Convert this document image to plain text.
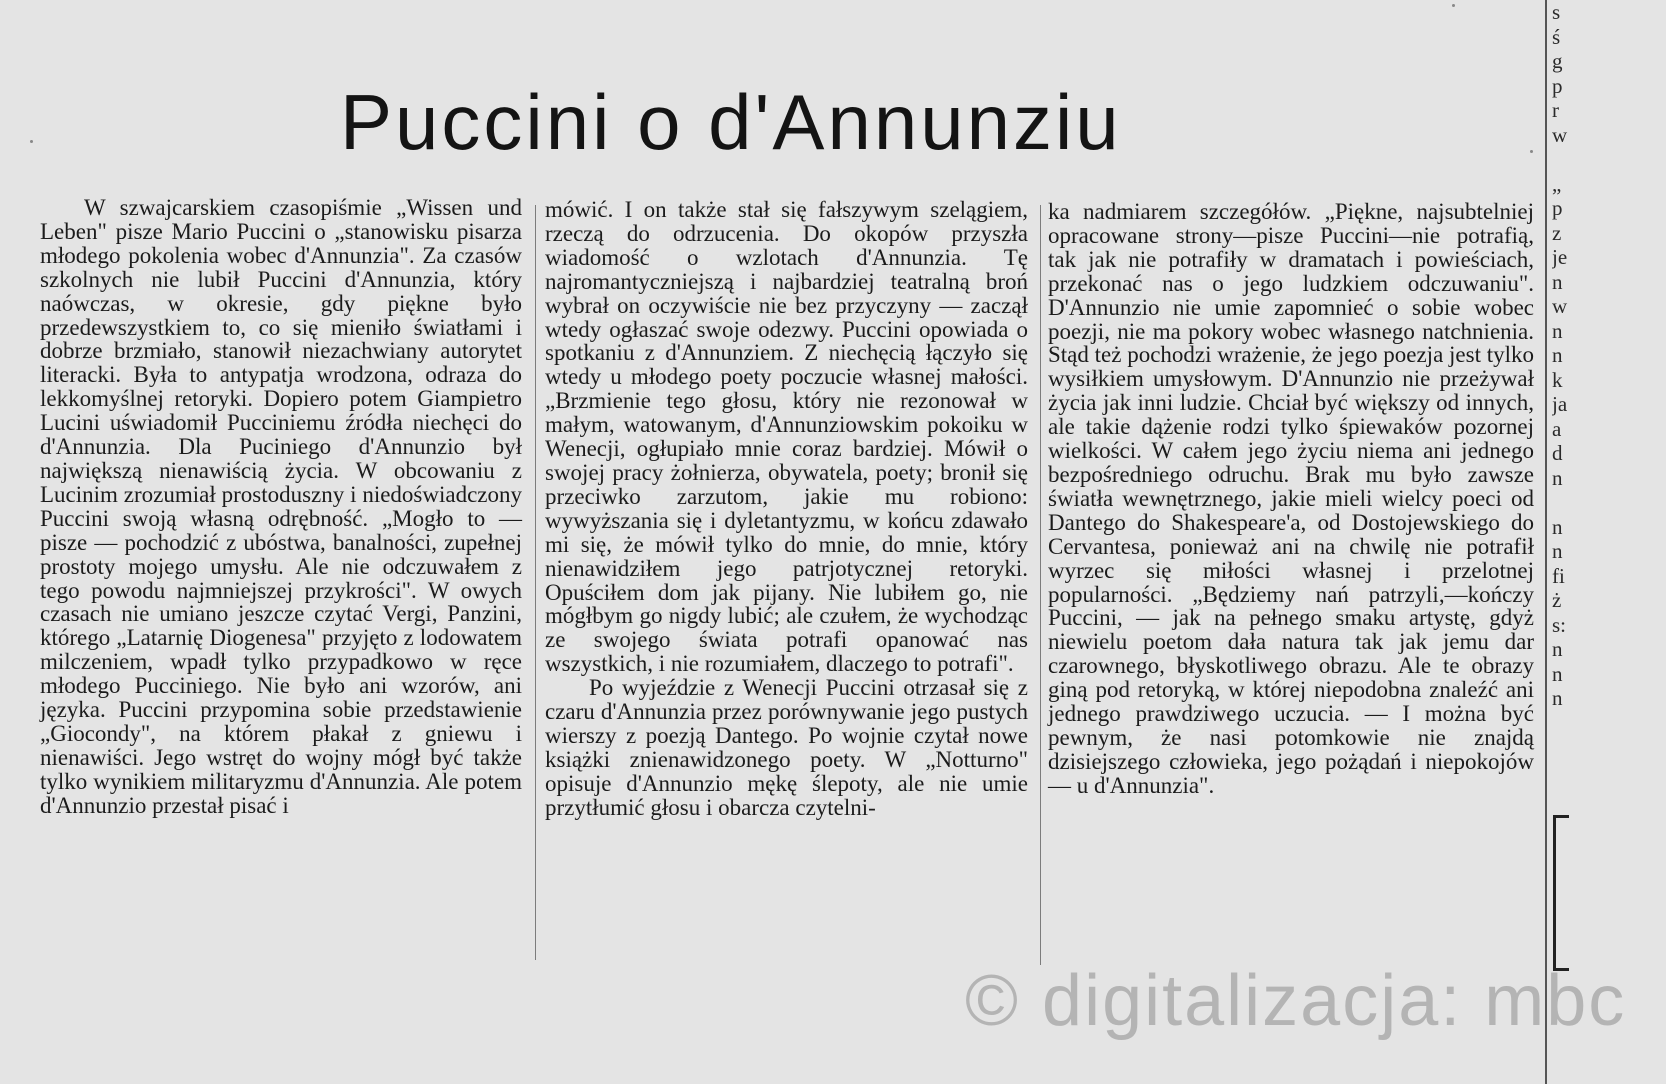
Puccini o d'Annunziu

W szwajcarskiem czasopiśmie „Wissen und Leben" pisze Mario Puccini o „stanowisku pisarza młodego pokolenia wobec d'Annunzia". Za czasów szkolnych nie lubił Puccini d'Annunzia, który naówczas, w okresie, gdy piękne było przedewszystkiem to, co się mieniło światłami i dobrze brzmiało, stanowił niezachwiany autorytet literacki. Była to antypatja wrodzona, odraza do lekkomyślnej retoryki. Dopiero potem Giampietro Lucini uświadomił Pucciniemu źródła niechęci do d'Annunzia. Dla Puciniego d'Annunzio był największą nienawiścią życia. W obcowaniu z Lucinim zrozumiał prostoduszny i niedoświadczony Puccini swoją własną odrębność. „Mogło to — pisze — pochodzić z ubóstwa, banalności, zupełnej prostoty mojego umysłu. Ale nie odczuwałem z tego powodu najmniejszej przykrości". W owych czasach nie umiano jeszcze czytać Vergi, Panzini, którego „Latarnię Diogenesa" przyjęto z lodowatem milczeniem, wpadł tylko przypadkowo w ręce młodego Pucciniego. Nie było ani wzorów, ani języka. Puccini przypomina sobie przedstawienie „Giocondy", na którem płakał z gniewu i nienawiści. Jego wstręt do wojny mógł być także tylko wynikiem militaryzmu d'Annunzia. Ale potem d'Annunzio przestał pisać i

mówić. I on także stał się fałszywym szelągiem, rzeczą do odrzucenia. Do okopów przyszła wiadomość o wzlotach d'Annunzia. Tę najromantyczniejszą i najbardziej teatralną broń wybrał on oczywiście nie bez przyczyny — zaczął wtedy ogłaszać swoje odezwy. Puccini opowiada o spotkaniu z d'Annunziem. Z niechęcią łączyło się wtedy u młodego poety poczucie własnej małości. „Brzmienie tego głosu, który nie rezonował w małym, watowanym, d'Annunziowskim pokoiku w Wenecji, ogłupiało mnie coraz bardziej. Mówił o swojej pracy żołnierza, obywatela, poety; bronił się przeciwko zarzutom, jakie mu robiono: wywyższania się i dyletantyzmu, w końcu zdawało mi się, że mówił tylko do mnie, do mnie, który nienawidziłem jego patrjotycznej retoryki. Opuściłem dom jak pijany. Nie lubiłem go, nie mógłbym go nigdy lubić; ale czułem, że wychodząc ze swojego świata potrafi opanować nas wszystkich, i nie rozumiałem, dlaczego to potrafi".

Po wyjeździe z Wenecji Puccini otrzasał się z czaru d'Annunzia przez porównywanie jego pustych wierszy z poezją Dantego. Po wojnie czytał nowe książki znienawidzonego poety. W „Notturno" opisuje d'Annunzio mękę ślepoty, ale nie umie przytłumić głosu i obarcza czytelni-

ka nadmiarem szczegółów. „Piękne, najsubtelniej opracowane strony—pisze Puccini—nie potrafią, tak jak nie potrafiły w dramatach i powieściach, przekonać nas o jego ludzkiem odczuwaniu". D'Annunzio nie umie zapomnieć o sobie wobec poezji, nie ma pokory wobec własnego natchnienia. Stąd też pochodzi wrażenie, że jego poezja jest tylko wysiłkiem umysłowym. D'Annunzio nie przeżywał życia jak inni ludzie. Chciał być większy od innych, ale takie dążenie rodzi tylko śpiewaków pozornej wielkości. W całem jego życiu niema ani jednego bezpośredniego odruchu. Brak mu było zawsze światła wewnętrznego, jakie mieli wielcy poeci od Dantego do Shakespeare'a, od Dostojewskiego do Cervantesa, ponieważ ani na chwilę nie potrafił wyrzec się miłości własnej i przelotnej popularności. „Będziemy nań patrzyli,—kończy Puccini, — jak na pełnego smaku artystę, gdyż niewielu poetom dała natura tak jak jemu dar czarownego, błyskotliwego obrazu. Ale te obrazy giną pod retoryką, w której niepodobna znaleźć ani jednego prawdziwego uczucia. — I można być pewnym, że nasi potomkowie nie znajdą dzisiejszego człowieka, jego pożądań i niepokojów — u d'Annunzia".

s
ś
g
p
r
w
„
p
z
je
n
w
n
n
k
ja
a
d
n
n
n
fi
ż
s:
n
n
n
© digitalizacja: mbc
